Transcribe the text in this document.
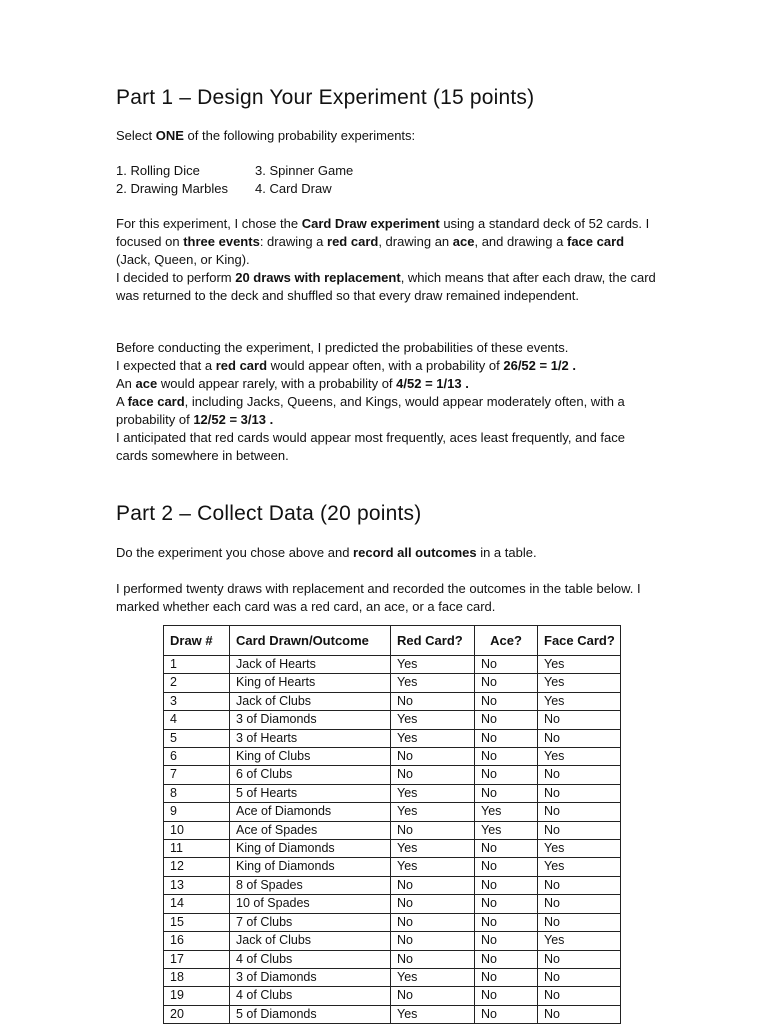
Part 1 – Design Your Experiment (15 points)

Select ONE of the following probability experiments:

1. Rolling Dice	3. Spinner Game
2. Drawing Marbles 4. Card Draw

For this experiment, I chose the Card Draw experiment using a standard deck of 52 cards. I focused on three events: drawing a red card, drawing an ace, and drawing a face card (Jack, Queen, or King).
I decided to perform 20 draws with replacement, which means that after each draw, the card was returned to the deck and shuffled so that every draw remained independent.

Before conducting the experiment, I predicted the probabilities of these events.
I expected that a red card would appear often, with a probability of 26/52 = 1/2 .
An ace would appear rarely, with a probability of 4/52 = 1/13 .
A face card, including Jacks, Queens, and Kings, would appear moderately often, with a probability of 12/52 = 3/13 .
I anticipated that red cards would appear most frequently, aces least frequently, and face cards somewhere in between.

Part 2 – Collect Data (20 points)

Do the experiment you chose above and record all outcomes in a table.

I performed twenty draws with replacement and recorded the outcomes in the table below. I marked whether each card was a red card, an ace, or a face card.

Draw #	Card Drawn/Outcome	Red Card?	Ace?	Face Card?
1	Jack of Hearts	Yes	No	Yes
2	King of Hearts	Yes	No	Yes
3	Jack of Clubs	No	No	Yes
4	3 of Diamonds	Yes	No	No
5	3 of Hearts	Yes	No	No
6	King of Clubs	No	No	Yes
7	6 of Clubs	No	No	No
8	5 of Hearts	Yes	No	No
9	Ace of Diamonds	Yes	Yes	No
10	Ace of Spades	No	Yes	No
11	King of Diamonds	Yes	No	Yes
12	King of Diamonds	Yes	No	Yes
13	8 of Spades	No	No	No
14	10 of Spades	No	No	No
15	7 of Clubs	No	No	No
16	Jack of Clubs	No	No	Yes
17	4 of Clubs	No	No	No
18	3 of Diamonds	Yes	No	No
19	4 of Clubs	No	No	No
20	5 of Diamonds	Yes	No	No
